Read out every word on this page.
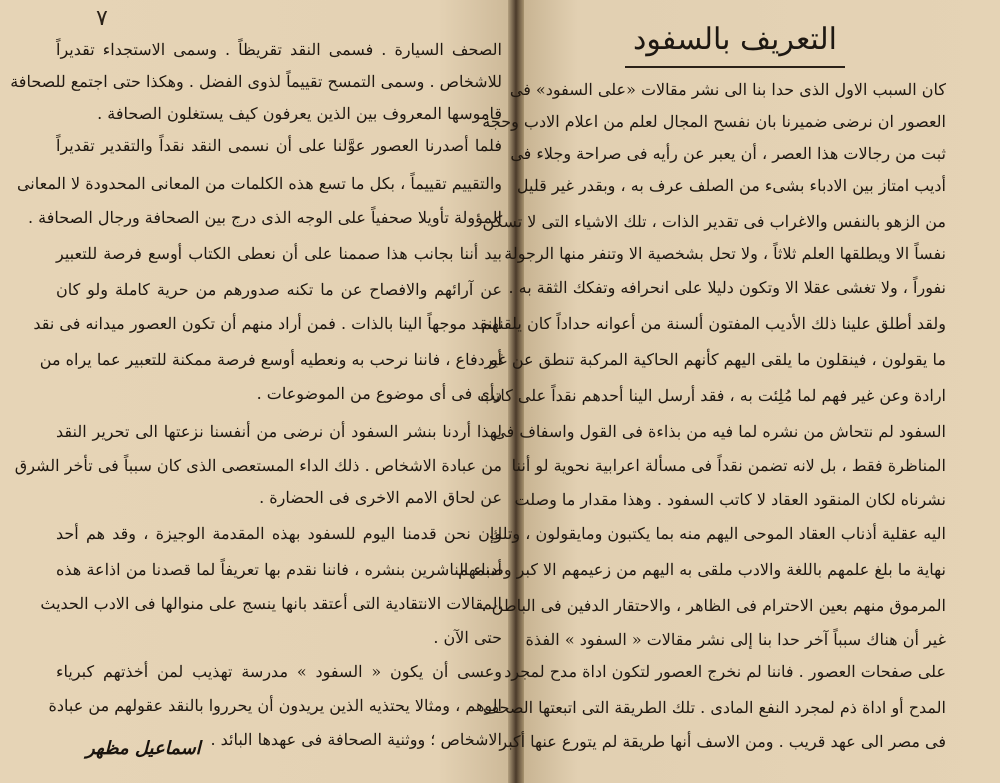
٧
التعريف بالسفود
الصحف السيارة . فسمى النقد تقريظاً . وسمى الاستجداء تقديراً
للاشخاص . وسمى التمسح تقييماً لذوى الفضل . وهكذا حتى اجتمع للصحافة
قاموسها المعروف بين الذين يعرفون كيف يستغلون الصحافة .
فلما أصدرنا العصور عوَّلنا على أن نسمى النقد نقداً والتقدير تقديراً
والتقييم تقييماً ، بكل ما تسع هذه الكلمات من المعانى المحدودة لا المعانى
المؤولة تأويلا صحفياً على الوجه الذى درج بين الصحافة ورجال الصحافة .
بيد أننا بجانب هذا صممنا على أن نعطى الكتاب أوسع فرصة للتعبير
عن آرائهم والافصاح عن ما تكنه صدورهم من حرية كاملة ولو كان
النقد موجهاً الينا بالذات . فمن أراد منهم أن تكون العصور ميدانه فى نقد
أو دفاع ، فاننا نرحب به ونعطيه أوسع فرصة ممكنة للتعبير عما يراه من
رأى فى أى موضوع من الموضوعات .
لهذا أردنا بنشر السفود أن نرضى من أنفسنا نزعتها الى تحرير النقد
من عبادة الاشخاص . ذلك الداء المستعصى الذى كان سبباً فى تأخر الشرق
عن لحاق الامم الاخرى فى الحضارة .
وإن نحن قدمنا اليوم للسفود بهذه المقدمة الوجيزة ، وقد هم أحد
أدباء الناشرين بنشره ، فاننا نقدم بها تعريفاً لما قصدنا من اذاعة هذه
المقالات الانتقادية التى أعتقد بانها ينسج على منوالها فى الادب الحديث
حتى الآن .
وعسى أن يكون « السفود » مدرسة تهذيب لمن أخذتهم كبرياء
الوهم ، ومثالا يحتذيه الذين يريدون أن يحرروا بالنقد عقولهم من عبادة
الاشخاص ؛ ووثنية الصحافة فى عهدها البائد .
كان السبب الاول الذى حدا بنا الى نشر مقالات «على السفود» فى
العصور ان نرضى ضميرنا بان نفسح المجال لعلم من اعلام الادب وحجة
ثبت من رجالات هذا العصر ، أن يعبر عن رأيه فى صراحة وجلاء فى
أديب امتاز بين الادباء بشىء من الصلف عرف به ، وبقدر غير قليل
من الزهو بالنفس والاغراب فى تقدير الذات ، تلك الاشياء التى لا تسكن
نفساً الا ويطلقها العلم ثلاثاً ، ولا تحل بشخصية الا وتنفر منها الرجولة
نفوراً ، ولا تغشى عقلا الا وتكون دليلا على انحرافه وتفكك الثقة به .
ولقد أطلق علينا ذلك الأديب المفتون ألسنة من أعوانه حداداً كان يلقنهم
ما يقولون ، فينقلون ما يلقى اليهم كأنهم الحاكية المركبة تنطق عن غير
ارادة وعن غير فهم لما مُلِئت به ، فقد أرسل الينا أحدهم نقداً على كاتب
السفود لم نتحاش من نشره لما فيه من بذاءة فى القول واسفاف فى
المناظرة فقط ، بل لانه تضمن نقداً فى مسألة اعرابية نحوية لو أننا
نشرناه لكان المنقود العقاد لا كاتب السفود . وهذا مقدار ما وصلت
اليه عقلية أذناب العقاد الموحى اليهم منه بما يكتبون ومايقولون ، وتلك
نهاية ما بلغ علمهم باللغة والادب ملقى به اليهم من زعيمهم الا كبر وصنمهم
المرموق منهم بعين الاحترام فى الظاهر ، والاحتقار الدفين فى الباطن .
غير أن هناك سبباً آخر حدا بنا إلى نشر مقالات « السفود » الفذة
على صفحات العصور . فاننا لم نخرج العصور لتكون اداة مدح لمجرد
المدح أو اداة ذم لمجرد النفع المادى . تلك الطريقة التى اتبعتها الصحف
فى مصر الى عهد قريب . ومن الاسف أنها طريقة لم يتورع عنها أكبر
اسماعيل مظهر
